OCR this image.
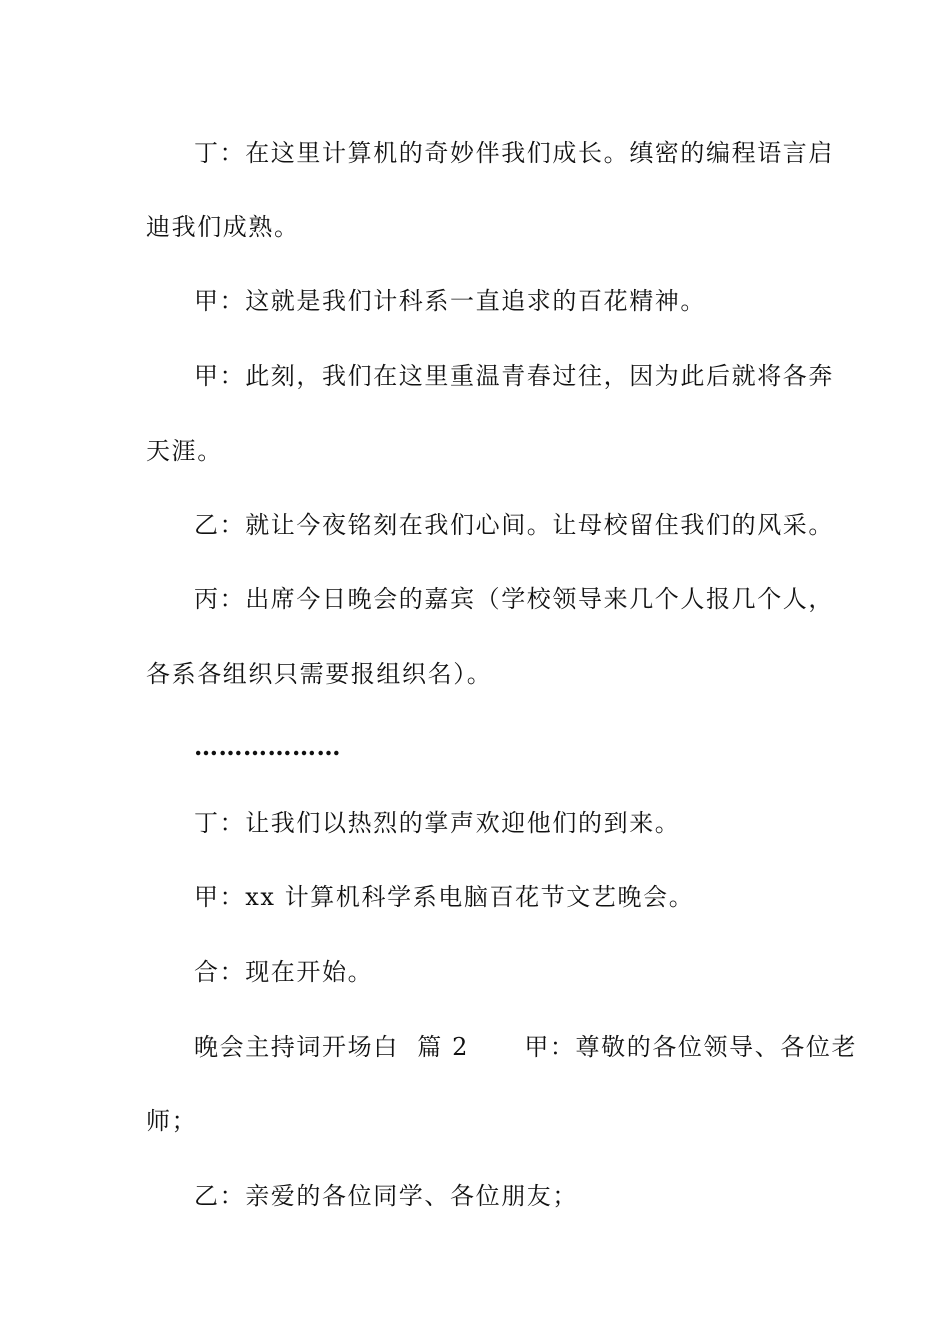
丁：在这里计算机的奇妙伴我们成长。缜密的编程语言启
迪我们成熟。
甲：这就是我们计科系一直追求的百花精神。
甲：此刻，我们在这里重温青春过往，因为此后就将各奔
天涯。
乙：就让今夜铭刻在我们心间。让母校留住我们的风采。
丙：出席今日晚会的嘉宾（学校领导来几个人报几个人，
各系各组织只需要报组织名）。
………………
丁：让我们以热烈的掌声欢迎他们的到来。
甲：xx 计算机科学系电脑百花节文艺晚会。
合：现在开始。
晚会主持词开场白  篇 2      甲：尊敬的各位领导、各位老
师；
乙：亲爱的各位同学、各位朋友；
